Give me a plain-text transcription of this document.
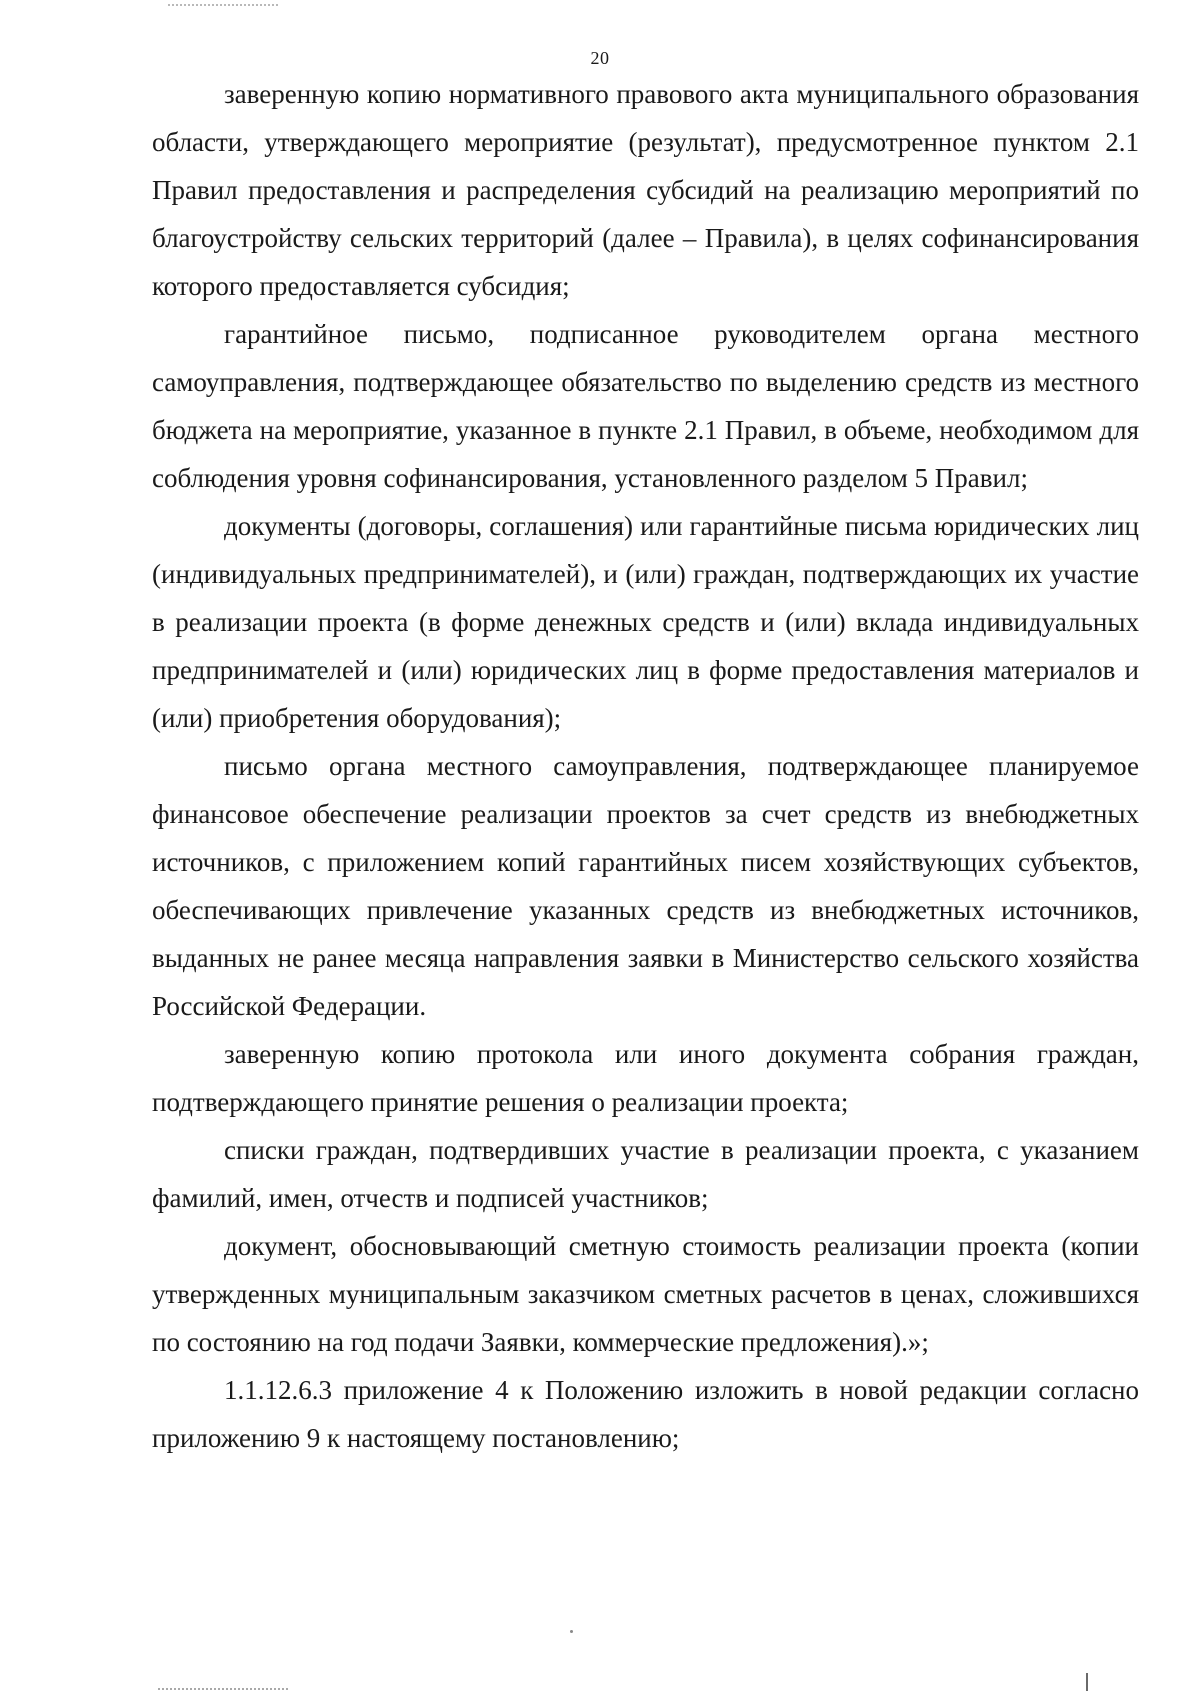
20

заверенную копию нормативного правового акта муниципального образования области, утверждающего мероприятие (результат), предусмотренное пунктом 2.1 Правил предоставления и распределения субсидий на реализацию мероприятий по благоустройству сельских территорий (далее – Правила), в целях софинансирования которого предоставляется субсидия;

гарантийное письмо, подписанное руководителем органа местного самоуправления, подтверждающее обязательство по выделению средств из местного бюджета на мероприятие, указанное в пункте 2.1 Правил, в объеме, необходимом для соблюдения уровня софинансирования, установленного разделом 5 Правил;

документы (договоры, соглашения) или гарантийные письма юридических лиц (индивидуальных предпринимателей), и (или) граждан, подтверждающих их участие в реализации проекта (в форме денежных средств и (или) вклада индивидуальных предпринимателей и (или) юридических лиц в форме предоставления материалов и (или) приобретения оборудования);

письмо органа местного самоуправления, подтверждающее планируемое финансовое обеспечение реализации проектов за счет средств из внебюджетных источников, с приложением копий гарантийных писем хозяйствующих субъектов, обеспечивающих привлечение указанных средств из внебюджетных источников, выданных не ранее месяца направления заявки в Министерство сельского хозяйства Российской Федерации.

заверенную копию протокола или иного документа собрания граждан, подтверждающего принятие решения о реализации проекта;

списки граждан, подтвердивших участие в реализации проекта, с указанием фамилий, имен, отчеств и подписей участников;

документ, обосновывающий сметную стоимость реализации проекта (копии утвержденных муниципальным заказчиком сметных расчетов в ценах, сложившихся по состоянию на год подачи Заявки, коммерческие предложения).»;

1.1.12.6.3 приложение 4 к Положению изложить в новой редакции согласно приложению 9 к настоящему постановлению;
